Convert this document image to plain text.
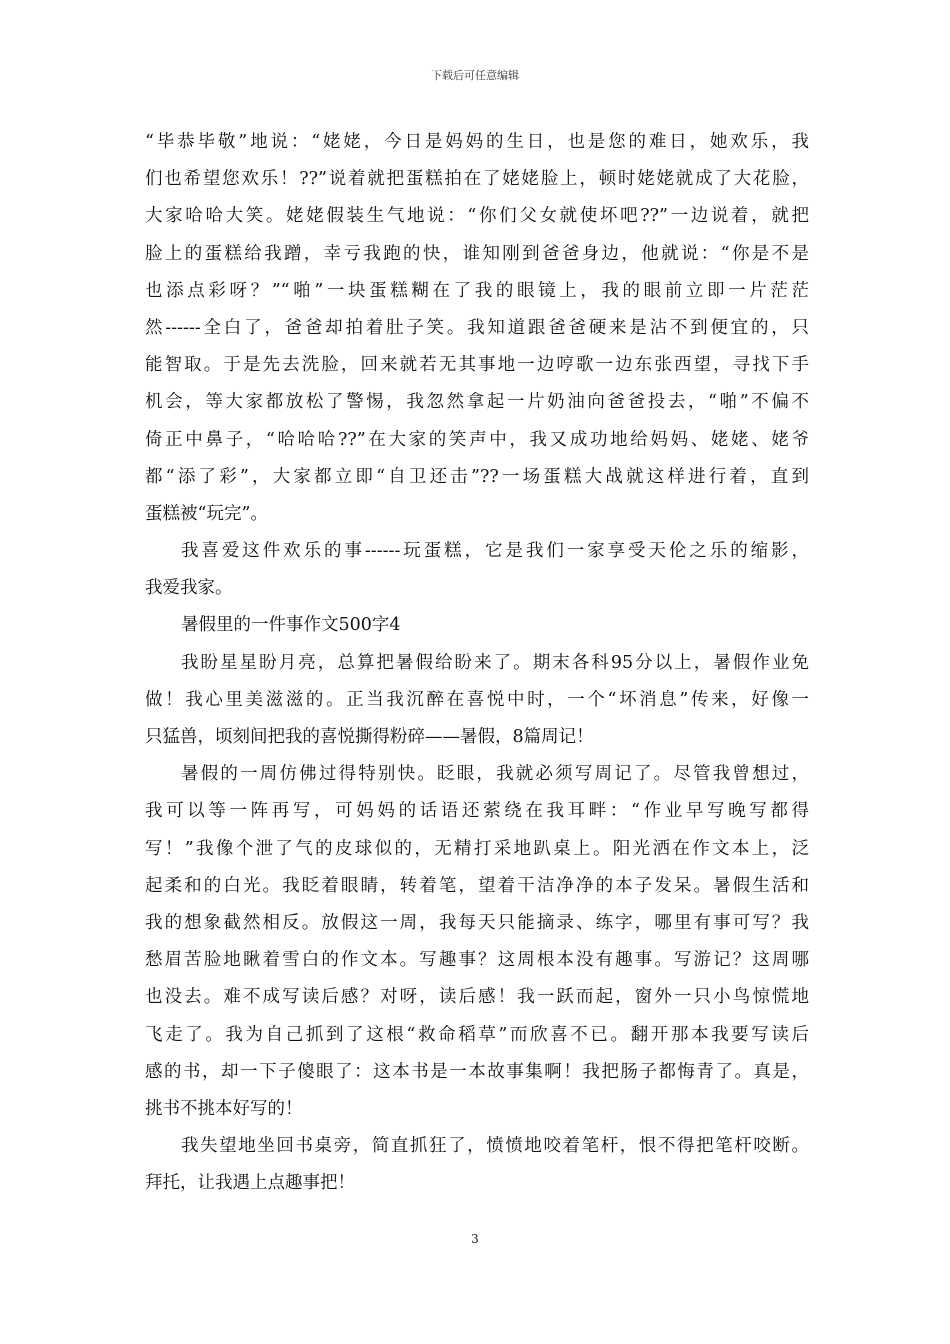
下载后可任意编辑
“毕恭毕敬”地说：“姥姥，今日是妈妈的生日，也是您的难日，她欢乐，我
们也希望您欢乐！??”说着就把蛋糕拍在了姥姥脸上，顿时姥姥就成了大花脸，
大家哈哈大笑。姥姥假装生气地说：“你们父女就使坏吧??”一边说着，就把
脸上的蛋糕给我蹭，幸亏我跑的快，谁知刚到爸爸身边，他就说：“你是不是
也添点彩呀？”“啪”一块蛋糕糊在了我的眼镜上，我的眼前立即一片茫茫
然------全白了，爸爸却拍着肚子笑。我知道跟爸爸硬来是沾不到便宜的，只
能智取。于是先去洗脸，回来就若无其事地一边哼歌一边东张西望，寻找下手
机会，等大家都放松了警惕，我忽然拿起一片奶油向爸爸投去，“啪”不偏不
倚正中鼻子，“哈哈哈??”在大家的笑声中，我又成功地给妈妈、姥姥、姥爷
都“添了彩”，大家都立即“自卫还击”??一场蛋糕大战就这样进行着，直到
蛋糕被“玩完”。
我喜爱这件欢乐的事------玩蛋糕，它是我们一家享受天伦之乐的缩影，
我爱我家。
暑假里的一件事作文500字4
我盼星星盼月亮，总算把暑假给盼来了。期末各科95分以上，暑假作业免
做！我心里美滋滋的。正当我沉醉在喜悦中时，一个“坏消息”传来，好像一
只猛兽，顷刻间把我的喜悦撕得粉碎——暑假，8篇周记！
暑假的一周仿佛过得特别快。眨眼，我就必须写周记了。尽管我曾想过，
我可以等一阵再写，可妈妈的话语还萦绕在我耳畔：“作业早写晚写都得
写！”我像个泄了气的皮球似的，无精打采地趴桌上。阳光洒在作文本上，泛
起柔和的白光。我眨着眼睛，转着笔，望着干洁净净的本子发呆。暑假生活和
我的想象截然相反。放假这一周，我每天只能摘录、练字，哪里有事可写？我
愁眉苦脸地瞅着雪白的作文本。写趣事？这周根本没有趣事。写游记？这周哪
也没去。难不成写读后感？对呀，读后感！我一跃而起，窗外一只小鸟惊慌地
飞走了。我为自己抓到了这根“救命稻草”而欣喜不已。翻开那本我要写读后
感的书，却一下子傻眼了：这本书是一本故事集啊！我把肠子都悔青了。真是，
挑书不挑本好写的！
我失望地坐回书桌旁，简直抓狂了，愤愤地咬着笔杆，恨不得把笔杆咬断。
拜托，让我遇上点趣事把！
3
